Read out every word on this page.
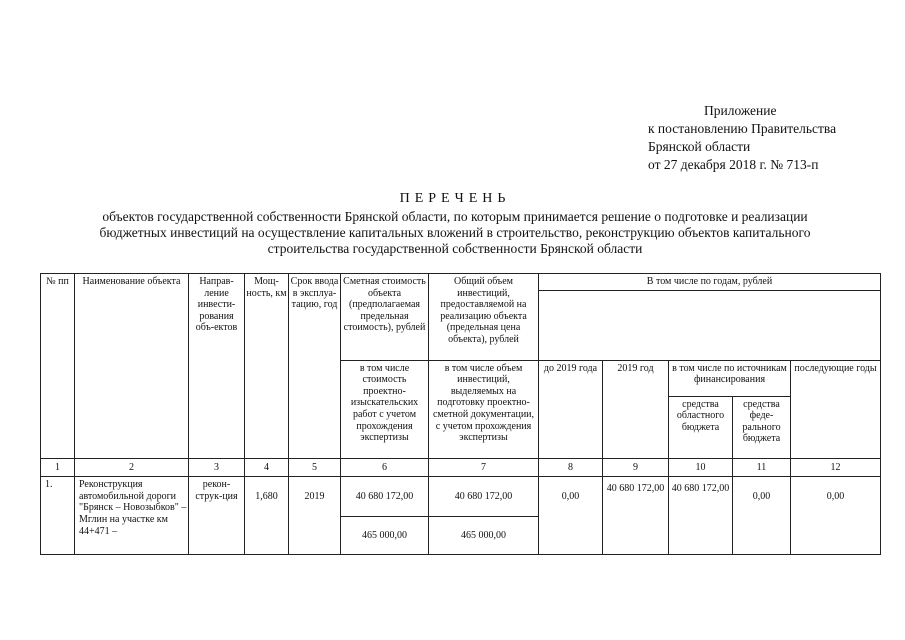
Приложение
к постановлению Правительства
Брянской области
от 27 декабря 2018 г. № 713-п
ПЕРЕЧЕНЬ
объектов государственной собственности Брянской области, по которым принимается решение о подготовке и реализации
бюджетных инвестиций на осуществление капитальных вложений в строительство, реконструкцию объектов капитального
строительства государственной собственности Брянской области
№ пп	Наименование объекта	Направ-ление инвести-рования объ-ектов	Мощ-ность, км	Срок ввода в эксплуа-тацию, год	Сметная стоимость объекта (предполагаемая предельная стоимость), рублей	Общий объем инвестиций, предоставляемой на реализацию объекта (предельная цена объекта), рублей	В том числе по годам, рублей				

					в том числе стоимость проектно-изыскательских работ с учетом прохождения экспертизы	в том числе объем инвестиций, выделяемых на подготовку проектно-сметной документации, с учетом прохождения экспертизы	до 2019 года	2019 год	в том числе по источникам финансирования		последующие годы
									средства областного бюджета	средства феде-рального бюджета	
1	2	3	4	5	6	7	8	9	10	11	12
1.	Реконструкция автомобильной дороги "Брянск – Новозыбков" – Мглин на участке км 44+471 –	рекон-струк-ция	1,680	2019	40 680 172,00	40 680 172,00	0,00	40 680 172,00	40 680 172,00	0,00	0,00
					465 000,00	465 000,00					
